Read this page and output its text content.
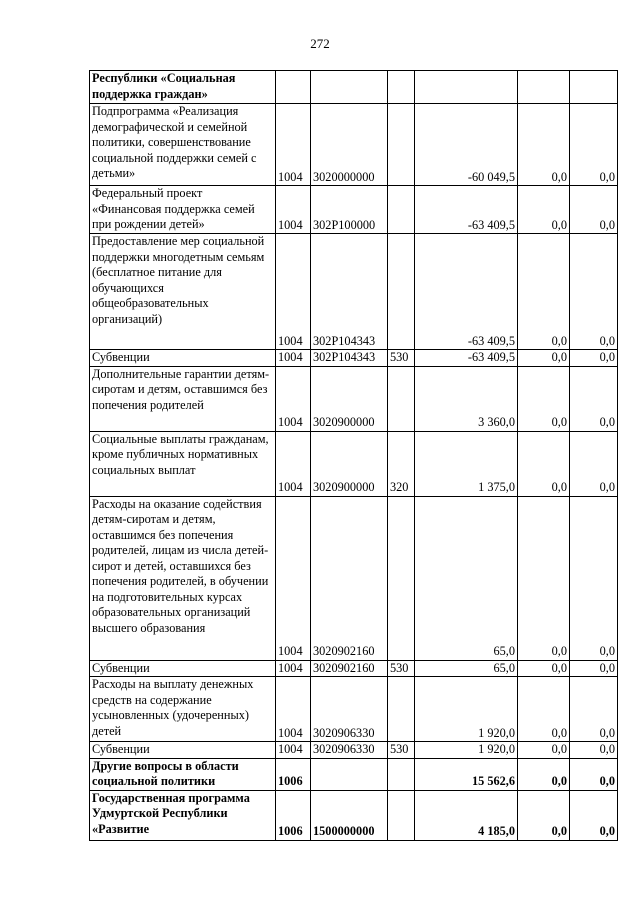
272
Республики «Социальная поддержка граждан»						
Подпрограмма «Реализация демографической и семейной политики, совершенствование социальной поддержки семей с детьми»	1004	3020000000		-60 049,5	0,0	0,0
Федеральный проект «Финансовая поддержка семей при рождении детей»	1004	302P100000		-63 409,5	0,0	0,0
Предоставление мер социальной поддержки многодетным семьям (бесплатное питание для обучающихся общеобразовательных организаций)	1004	302P104343		-63 409,5	0,0	0,0
Субвенции	1004	302P104343	530	-63 409,5	0,0	0,0
Дополнительные гарантии детям-сиротам и детям, оставшимся без попечения родителей	1004	3020900000		3 360,0	0,0	0,0
Социальные выплаты гражданам, кроме публичных нормативных социальных выплат	1004	3020900000	320	1 375,0	0,0	0,0
Расходы на оказание содействия детям-сиротам и детям, оставшимся без попечения родителей, лицам из числа детей-сирот и детей, оставшихся без попечения родителей, в обучении на подготовительных курсах образовательных организаций высшего образования	1004	3020902160		65,0	0,0	0,0
Субвенции	1004	3020902160	530	65,0	0,0	0,0
Расходы на выплату денежных средств на содержание усыновленных (удочеренных) детей	1004	3020906330		1 920,0	0,0	0,0
Субвенции	1004	3020906330	530	1 920,0	0,0	0,0
Другие вопросы в области социальной политики	1006			15 562,6	0,0	0,0
Государственная программа Удмуртской Республики «Развитие	1006	1500000000		4 185,0	0,0	0,0
